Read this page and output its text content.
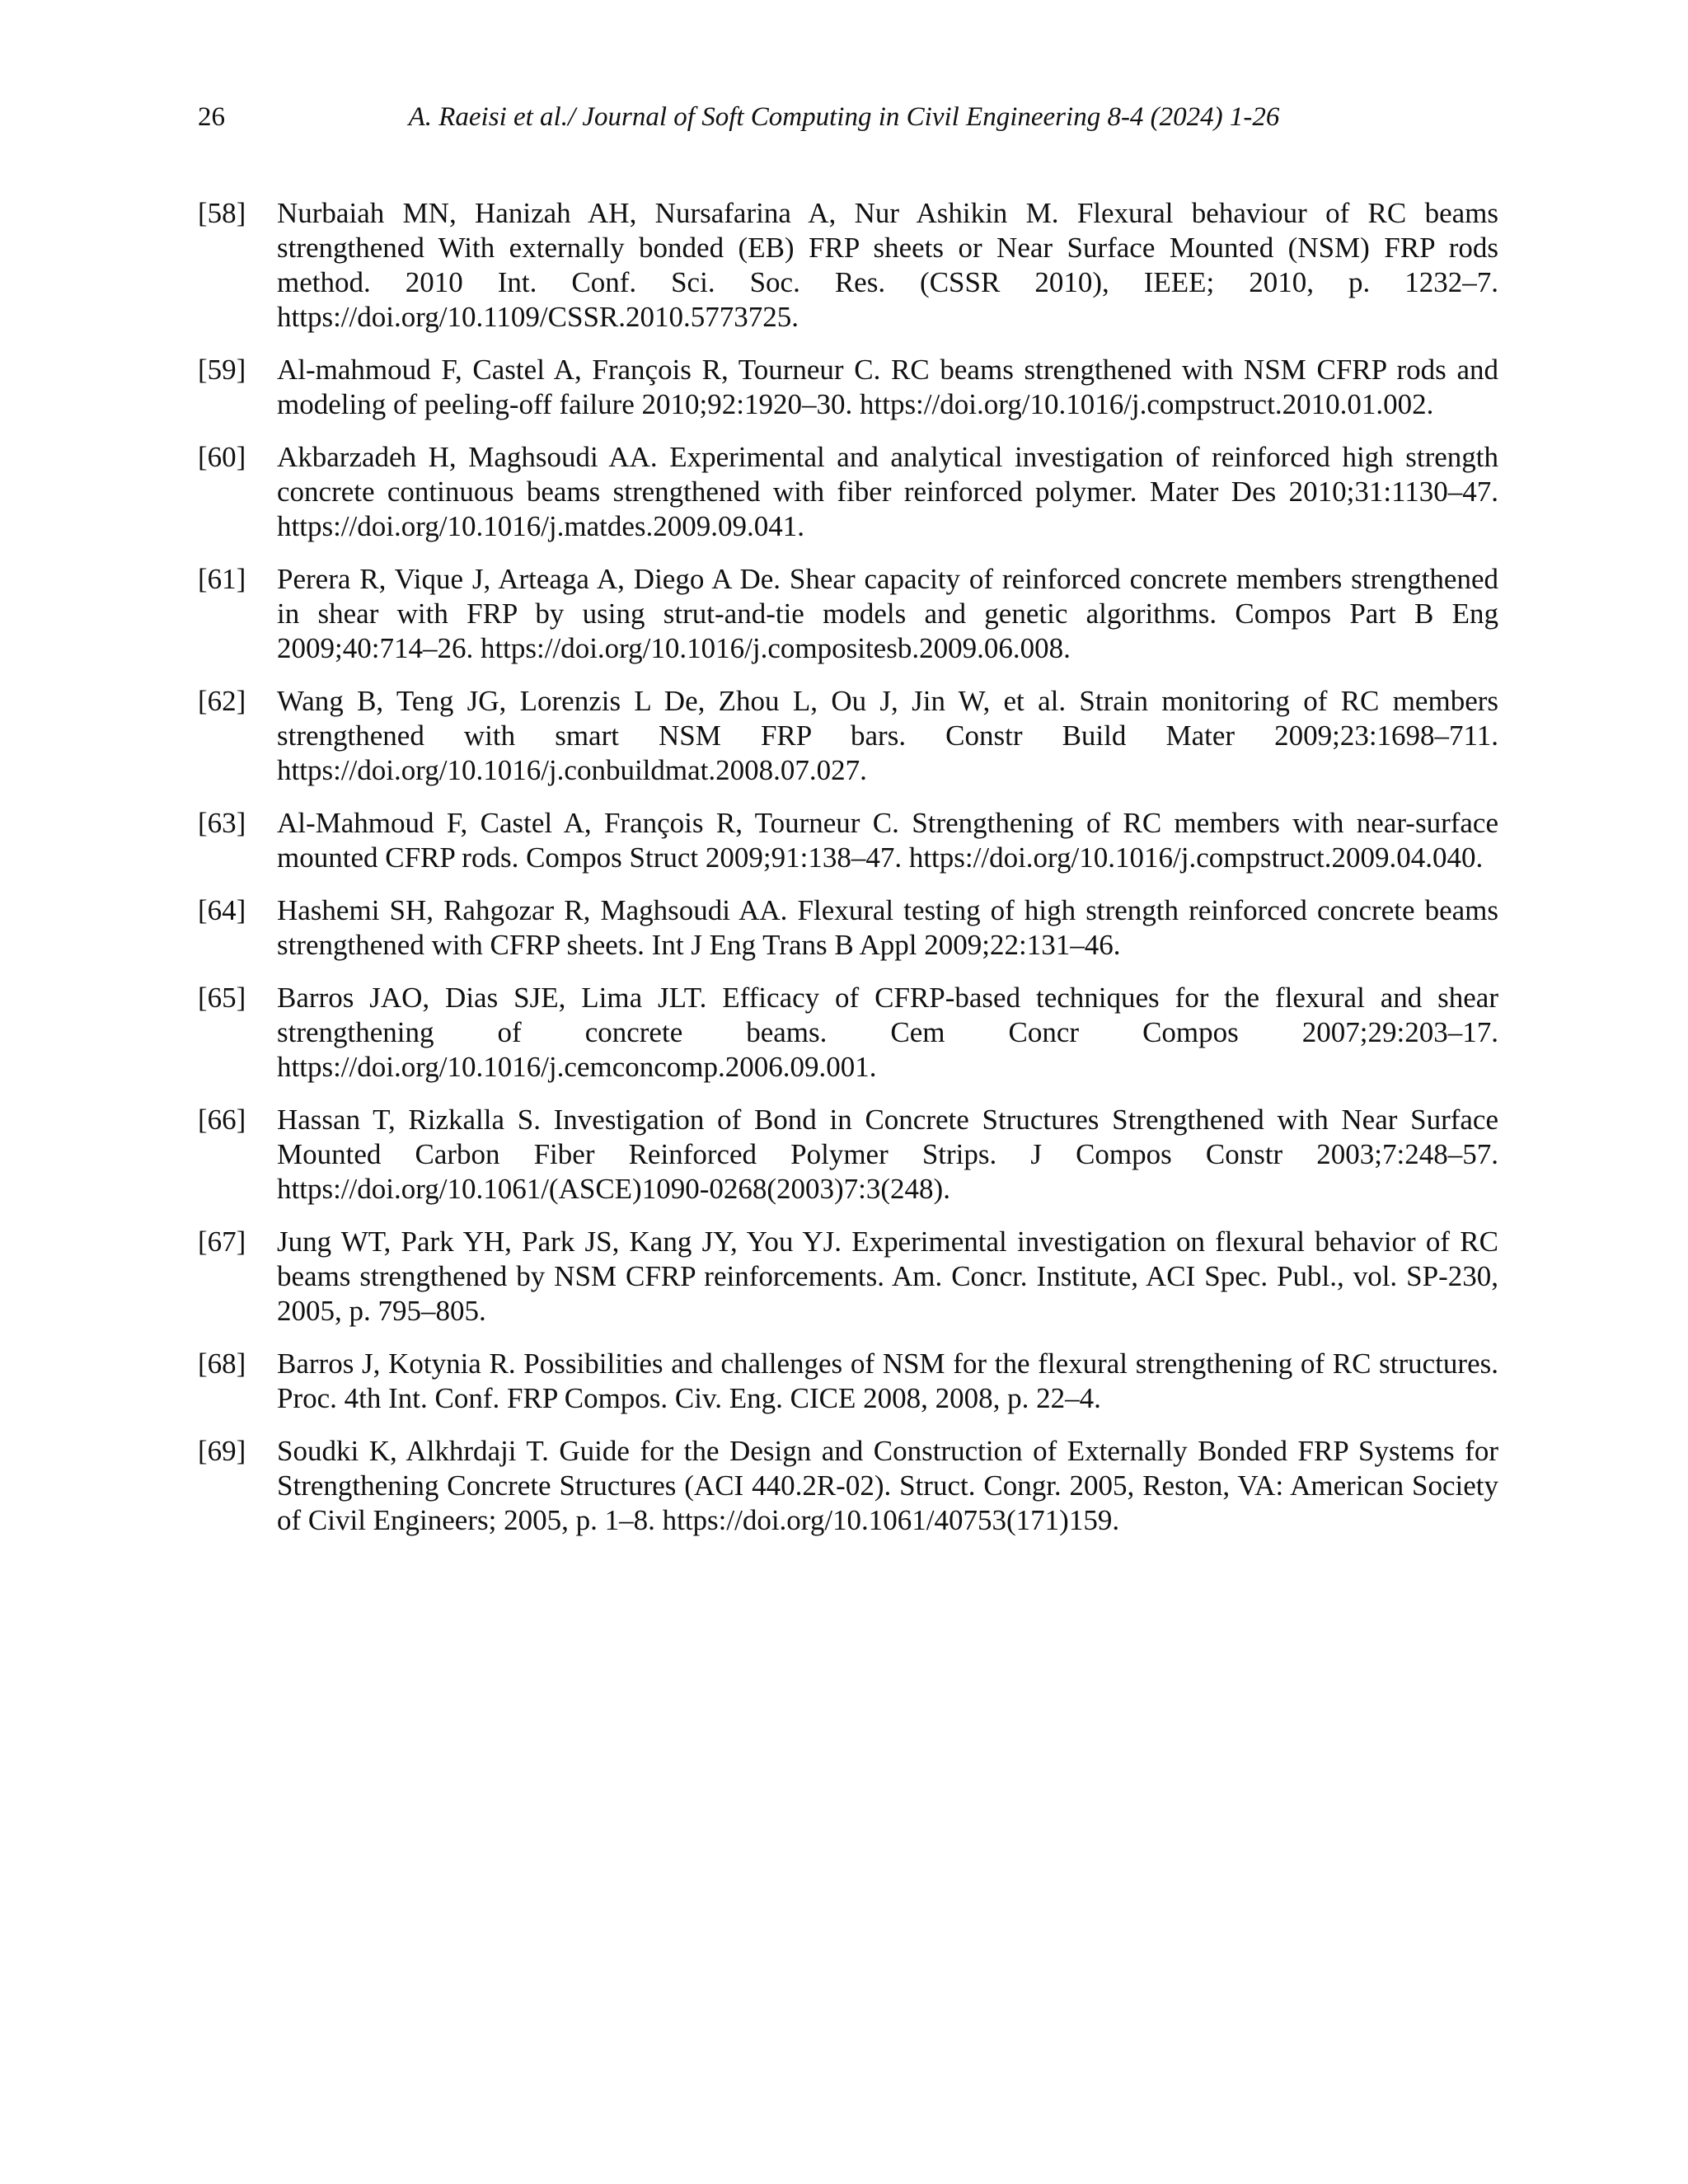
26	A. Raeisi et al./ Journal of Soft Computing in Civil Engineering 8-4 (2024) 1-26
[58] Nurbaiah MN, Hanizah AH, Nursafarina A, Nur Ashikin M. Flexural behaviour of RC beams strengthened With externally bonded (EB) FRP sheets or Near Surface Mounted (NSM) FRP rods method. 2010 Int. Conf. Sci. Soc. Res. (CSSR 2010), IEEE; 2010, p. 1232–7. https://doi.org/10.1109/CSSR.2010.5773725.
[59] Al-mahmoud F, Castel A, François R, Tourneur C. RC beams strengthened with NSM CFRP rods and modeling of peeling-off failure 2010;92:1920–30. https://doi.org/10.1016/j.compstruct.2010.01.002.
[60] Akbarzadeh H, Maghsoudi AA. Experimental and analytical investigation of reinforced high strength concrete continuous beams strengthened with fiber reinforced polymer. Mater Des 2010;31:1130–47. https://doi.org/10.1016/j.matdes.2009.09.041.
[61] Perera R, Vique J, Arteaga A, Diego A De. Shear capacity of reinforced concrete members strengthened in shear with FRP by using strut-and-tie models and genetic algorithms. Compos Part B Eng 2009;40:714–26. https://doi.org/10.1016/j.compositesb.2009.06.008.
[62] Wang B, Teng JG, Lorenzis L De, Zhou L, Ou J, Jin W, et al. Strain monitoring of RC members strengthened with smart NSM FRP bars. Constr Build Mater 2009;23:1698–711. https://doi.org/10.1016/j.conbuildmat.2008.07.027.
[63] Al-Mahmoud F, Castel A, François R, Tourneur C. Strengthening of RC members with near-surface mounted CFRP rods. Compos Struct 2009;91:138–47. https://doi.org/10.1016/j.compstruct.2009.04.040.
[64] Hashemi SH, Rahgozar R, Maghsoudi AA. Flexural testing of high strength reinforced concrete beams strengthened with CFRP sheets. Int J Eng Trans B Appl 2009;22:131–46.
[65] Barros JAO, Dias SJE, Lima JLT. Efficacy of CFRP-based techniques for the flexural and shear strengthening of concrete beams. Cem Concr Compos 2007;29:203–17. https://doi.org/10.1016/j.cemconcomp.2006.09.001.
[66] Hassan T, Rizkalla S. Investigation of Bond in Concrete Structures Strengthened with Near Surface Mounted Carbon Fiber Reinforced Polymer Strips. J Compos Constr 2003;7:248–57. https://doi.org/10.1061/(ASCE)1090-0268(2003)7:3(248).
[67] Jung WT, Park YH, Park JS, Kang JY, You YJ. Experimental investigation on flexural behavior of RC beams strengthened by NSM CFRP reinforcements. Am. Concr. Institute, ACI Spec. Publ., vol. SP-230, 2005, p. 795–805.
[68] Barros J, Kotynia R. Possibilities and challenges of NSM for the flexural strengthening of RC structures. Proc. 4th Int. Conf. FRP Compos. Civ. Eng. CICE 2008, 2008, p. 22–4.
[69] Soudki K, Alkhrdaji T. Guide for the Design and Construction of Externally Bonded FRP Systems for Strengthening Concrete Structures (ACI 440.2R-02). Struct. Congr. 2005, Reston, VA: American Society of Civil Engineers; 2005, p. 1–8. https://doi.org/10.1061/40753(171)159.
